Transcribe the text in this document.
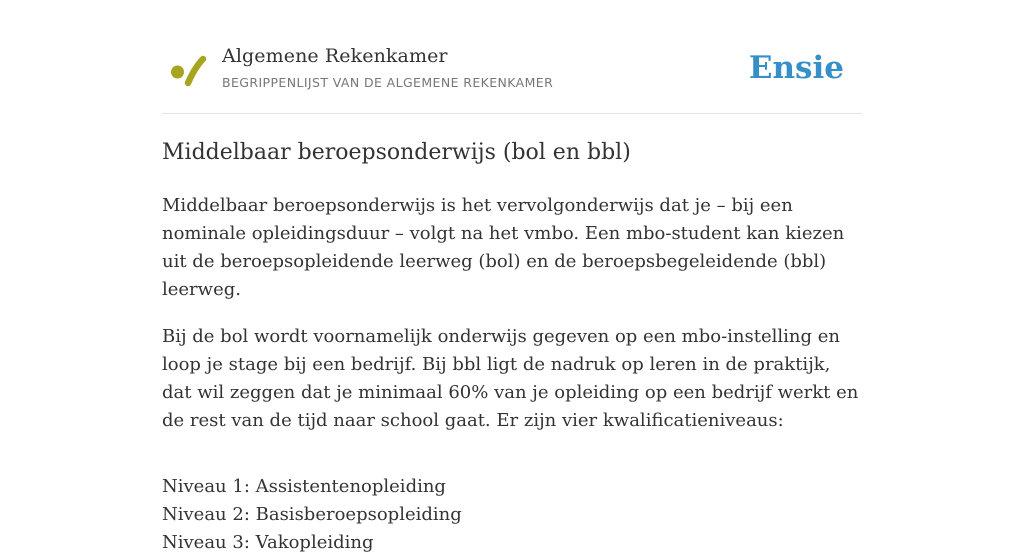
Algemene Rekenkamer
BEGRIPPENLIJST VAN DE ALGEMENE REKENKAMER	Ensie
Middelbaar beroepsonderwijs (bol en bbl)

Middelbaar beroepsonderwijs is het vervolgonderwijs dat je – bij een nominale opleidingsduur – volgt na het vmbo. Een mbo-student kan kiezen uit de beroepsopleidende leerweg (bol) en de beroepsbegeleidende (bbl) leerweg.

Bij de bol wordt voornamelijk onderwijs gegeven op een mbo-instelling en loop je stage bij een bedrijf. Bij bbl ligt de nadruk op leren in de praktijk, dat wil zeggen dat je minimaal 60% van je opleiding op een bedrijf werkt en de rest van de tijd naar school gaat. Er zijn vier kwalificatieniveaus:

Niveau 1: Assistentenopleiding
Niveau 2: Basisberoepsopleiding
Niveau 3: Vakopleiding
